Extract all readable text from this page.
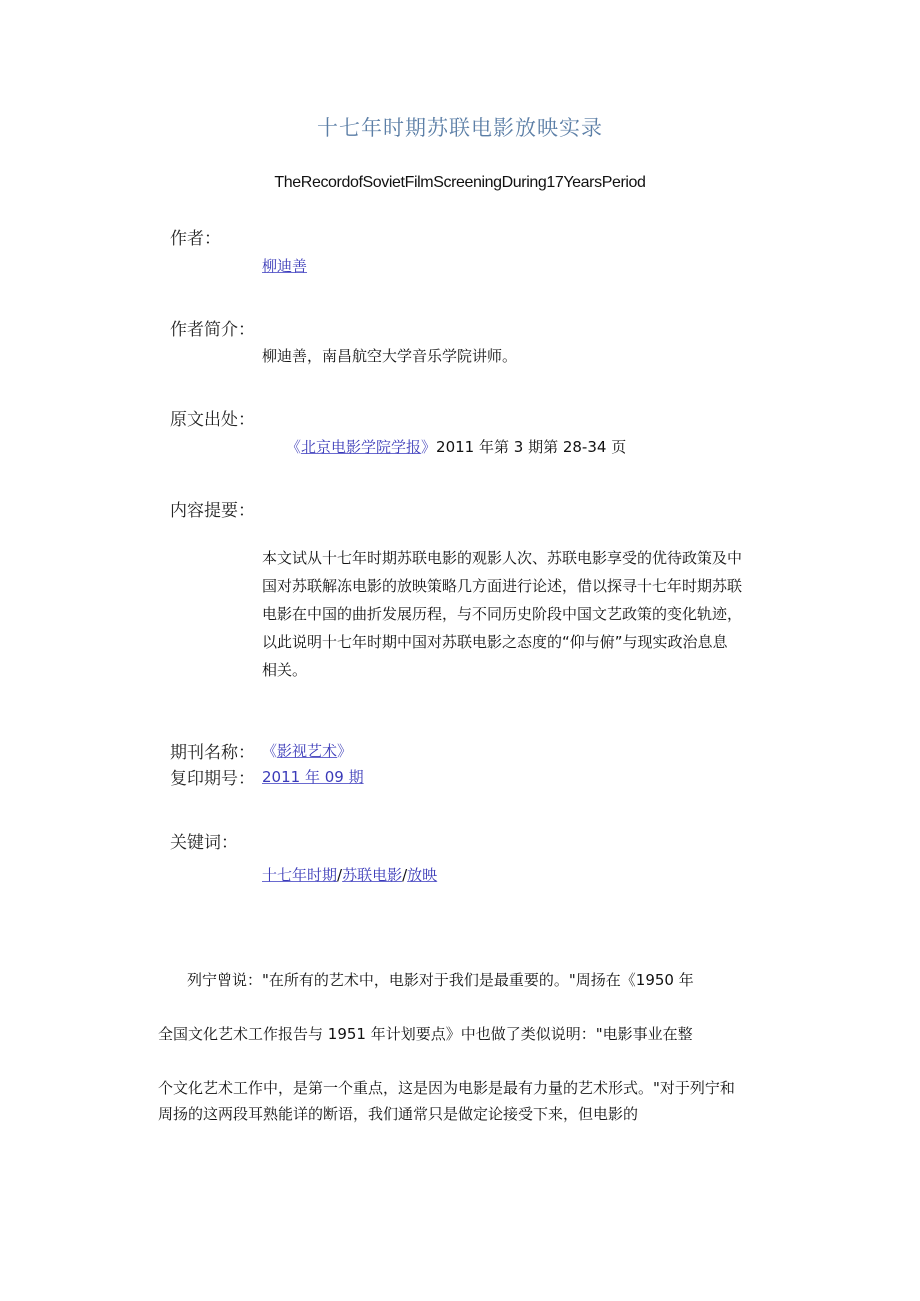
十七年时期苏联电影放映实录
TheRecordofSovietFilmScreeningDuring17YearsPeriod
作者：
柳迪善
作者简介：
柳迪善，南昌航空大学音乐学院讲师。
原文出处：
《北京电影学院学报》2011 年第 3 期第 28-34 页
内容提要：
本文试从十七年时期苏联电影的观影人次、苏联电影享受的优待政策及中
国对苏联解冻电影的放映策略几方面进行论述，借以探寻十七年时期苏联
电影在中国的曲折发展历程，与不同历史阶段中国文艺政策的变化轨迹，
以此说明十七年时期中国对苏联电影之态度的“仰与俯”与现实政治息息
相关。
期刊名称： 《影视艺术》
复印期号： 2011 年 09 期
关键词：
十七年时期/苏联电影/放映
列宁曾说："在所有的艺术中，电影对于我们是最重要的。"周扬在《1950 年
全国文化艺术工作报告与 1951 年计划要点》中也做了类似说明："电影事业在整
个文化艺术工作中，是第一个重点，这是因为电影是最有力量的艺术形式。"对于列宁和
周扬的这两段耳熟能详的断语，我们通常只是做定论接受下来，但电影的
